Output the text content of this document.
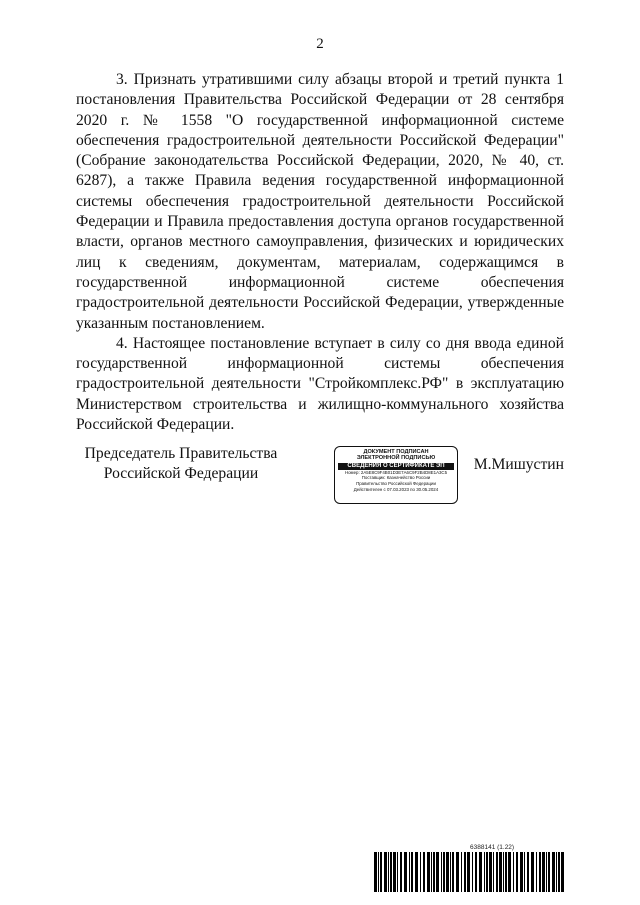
2

3. Признать утратившими силу абзацы второй и третий пункта 1 постановления Правительства Российской Федерации от 28 сентября 2020 г. № 1558 "О государственной информационной системе обеспечения градостроительной деятельности Российской Федерации" (Собрание законодательства Российской Федерации, 2020, № 40, ст. 6287), а также Правила ведения государственной информационной системы обеспечения градостроительной деятельности Российской Федерации и Правила предоставления доступа органов государственной власти, органов местного самоуправления, физических и юридических лиц к сведениям, документам, материалам, содержащимся в государственной информационной системе обеспечения градостроительной деятельности Российской Федерации, утвержденные указанным постановлением.

4. Настоящее постановление вступает в силу со дня ввода единой государственной информационной системы обеспечения градостроительной деятельности "Стройкомплекс.РФ" в эксплуатацию Министерством строительства и жилищно-коммунального хозяйства Российской Федерации.

Председатель Правительства
Российской Федерации
ДОКУМЕНТ ПОДПИСАН
ЭЛЕКТРОННОЙ ПОДПИСЬЮ
СВЕДЕНИЯ О СЕРТИФИКАТЕ ЭП
Номер: 2A5E8C9F4B01D3E7A6C9F2B4D8E1A3C5
Поставщик: Казначейство России
Правительство Российской Федерации
Действителен с 07.03.2023 по 30.05.2024
М.Мишустин
6388141 (1.22)
